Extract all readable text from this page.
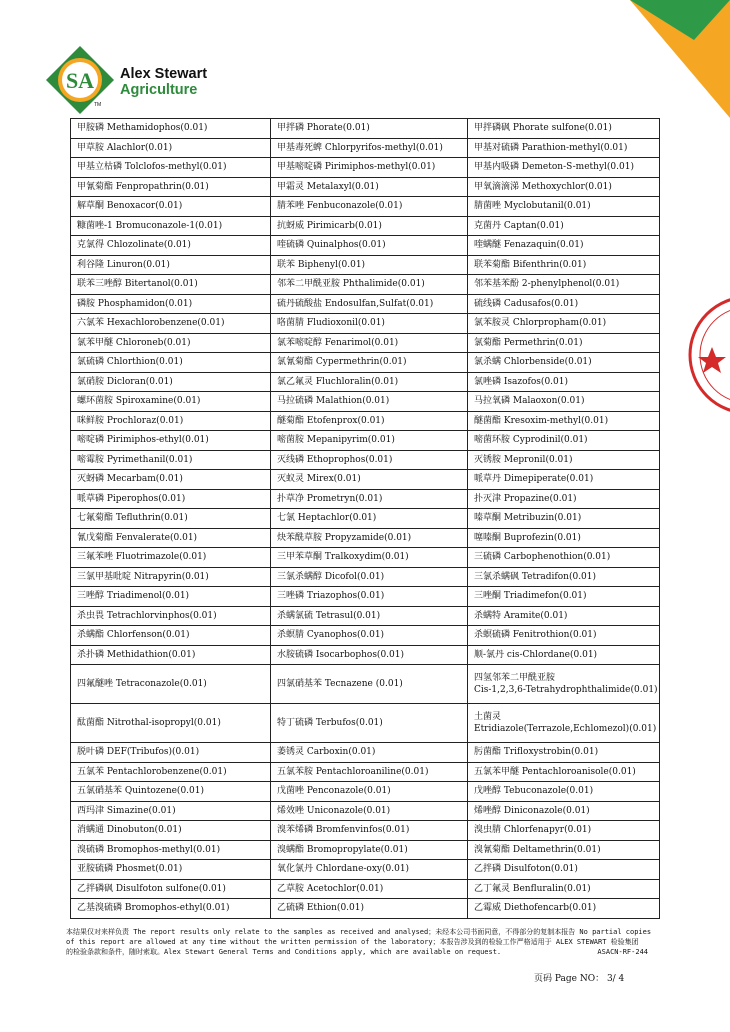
SA Alex Stewart
Agriculture
TM
甲胺磷 Methamidophos(0.01)	甲拌磷 Phorate(0.01)	甲拌磷砜 Phorate sulfone(0.01)
甲草胺 Alachlor(0.01)	甲基毒死蜱 Chlorpyrifos-methyl(0.01)	甲基对硫磷 Parathion-methyl(0.01)
甲基立枯磷 Tolclofos-methyl(0.01)	甲基嘧啶磷 Pirimiphos-methyl(0.01)	甲基内吸磷 Demeton-S-methyl(0.01)
甲氰菊酯 Fenpropathrin(0.01)	甲霜灵 Metalaxyl(0.01)	甲氧滴滴涕 Methoxychlor(0.01)
解草酮 Benoxacor(0.01)	腈苯唑 Fenbuconazole(0.01)	腈菌唑 Myclobutanil(0.01)
糠菌唑-1 Bromuconazole-1(0.01)	抗蚜威 Pirimicarb(0.01)	克菌丹 Captan(0.01)
克氯得 Chlozolinate(0.01)	喹硫磷 Quinalphos(0.01)	喹螨醚 Fenazaquin(0.01)
利谷隆 Linuron(0.01)	联苯 Biphenyl(0.01)	联苯菊酯 Bifenthrin(0.01)
联苯三唑醇 Bitertanol(0.01)	邻苯二甲酰亚胺 Phthalimide(0.01)	邻苯基苯酚 2-phenylphenol(0.01)
磷胺 Phosphamidon(0.01)	硫丹硫酸盐 Endosulfan,Sulfat(0.01)	硫线磷 Cadusafos(0.01)
六氯苯 Hexachlorobenzene(0.01)	咯菌腈 Fludioxonil(0.01)	氯苯胺灵 Chlorpropham(0.01)
氯苯甲醚 Chloroneb(0.01)	氯苯嘧啶醇 Fenarimol(0.01)	氯菊酯 Permethrin(0.01)
氯硫磷 Chlorthion(0.01)	氯氰菊酯 Cypermethrin(0.01)	氯杀螨 Chlorbenside(0.01)
氯硝胺 Dicloran(0.01)	氯乙氟灵 Fluchloralin(0.01)	氯唑磷 Isazofos(0.01)
螺环菌胺 Spiroxamine(0.01)	马拉硫磷 Malathion(0.01)	马拉氧磷 Malaoxon(0.01)
咪鲜胺 Prochloraz(0.01)	醚菊酯 Etofenprox(0.01)	醚菌酯 Kresoxim-methyl(0.01)
嘧啶磷 Pirimiphos-ethyl(0.01)	嘧菌胺 Mepanipyrim(0.01)	嘧菌环胺 Cyprodinil(0.01)
嘧霉胺 Pyrimethanil(0.01)	灭线磷 Ethoprophos(0.01)	灭锈胺 Mepronil(0.01)
灭蚜磷 Mecarbam(0.01)	灭蚁灵 Mirex(0.01)	哌草丹 Dimepiperate(0.01)
哌草磷 Piperophos(0.01)	扑草净 Prometryn(0.01)	扑灭津 Propazine(0.01)
七氟菊酯 Tefluthrin(0.01)	七氯 Heptachlor(0.01)	嗪草酮 Metribuzin(0.01)
氰戊菊酯 Fenvalerate(0.01)	炔苯酰草胺 Propyzamide(0.01)	噻嗪酮 Buprofezin(0.01)
三氟苯唑 Fluotrimazole(0.01)	三甲苯草酮 Tralkoxydim(0.01)	三硫磷 Carbophenothion(0.01)
三氯甲基吡啶 Nitrapyrin(0.01)	三氯杀螨醇 Dicofol(0.01)	三氯杀螨砜 Tetradifon(0.01)
三唑醇 Triadimenol(0.01)	三唑磷 Triazophos(0.01)	三唑酮 Triadimefon(0.01)
杀虫畏 Tetrachlorvinphos(0.01)	杀螨氯硫 Tetrasul(0.01)	杀螨特 Aramite(0.01)
杀螨酯 Chlorfenson(0.01)	杀螟腈 Cyanophos(0.01)	杀螟硫磷 Fenitrothion(0.01)
杀扑磷 Methidathion(0.01)	水胺硫磷 Isocarbophos(0.01)	顺-氯丹 cis-Chlordane(0.01)
四氟醚唑 Tetraconazole(0.01)	四氯硝基苯 Tecnazene (0.01)	四氢邻苯二甲酰亚胺
Cis-1,2,3,6-Tetrahydrophthalimide(0.01)

酞菌酯 Nitrothal-isopropyl(0.01)	特丁硫磷 Terbufos(0.01)	土菌灵
Etridiazole(Terrazole,Echlomezol)(0.01)

脱叶磷 DEF(Tribufos)(0.01)	萎锈灵 Carboxin(0.01)	肟菌酯 Trifloxystrobin(0.01)
五氯苯 Pentachlorobenzene(0.01)	五氯苯胺 Pentachloroaniline(0.01)	五氯苯甲醚 Pentachloroanisole(0.01)
五氯硝基苯 Quintozene(0.01)	戊菌唑 Penconazole(0.01)	戊唑醇 Tebuconazole(0.01)
西玛津 Simazine(0.01)	烯效唑 Uniconazole(0.01)	烯唑醇 Diniconazole(0.01)
消螨通 Dinobuton(0.01)	溴苯烯磷 Bromfenvinfos(0.01)	溴虫腈 Chlorfenapyr(0.01)
溴硫磷 Bromophos-methyl(0.01)	溴螨酯 Bromopropylate(0.01)	溴氰菊酯 Deltamethrin(0.01)
亚胺硫磷 Phosmet(0.01)	氧化氯丹 Chlordane-oxy(0.01)	乙拌磷 Disulfoton(0.01)
乙拌磷砜 Disulfoton sulfone(0.01)	乙草胺 Acetochlor(0.01)	乙丁氟灵 Benfluralin(0.01)
乙基溴硫磷 Bromophos-ethyl(0.01)	乙硫磷 Ethion(0.01)	乙霉威 Diethofencarb(0.01)
本结果仅对来样负责 The report results only relate to the samples as received and analysed；未经本公司书面同意，不得部分的复制本报告 No partial copies
of this report are allowed at any time without the written permission of the laboratory；本报告涉及到的检验工作严格适用于 ALEX STEWART 检验集团
的检验条款和条件，随时索取。Alex Stewart General Terms and Conditions apply, which are available on request.	ASACN-RF-244
页码 Page NO： 3/ 4
